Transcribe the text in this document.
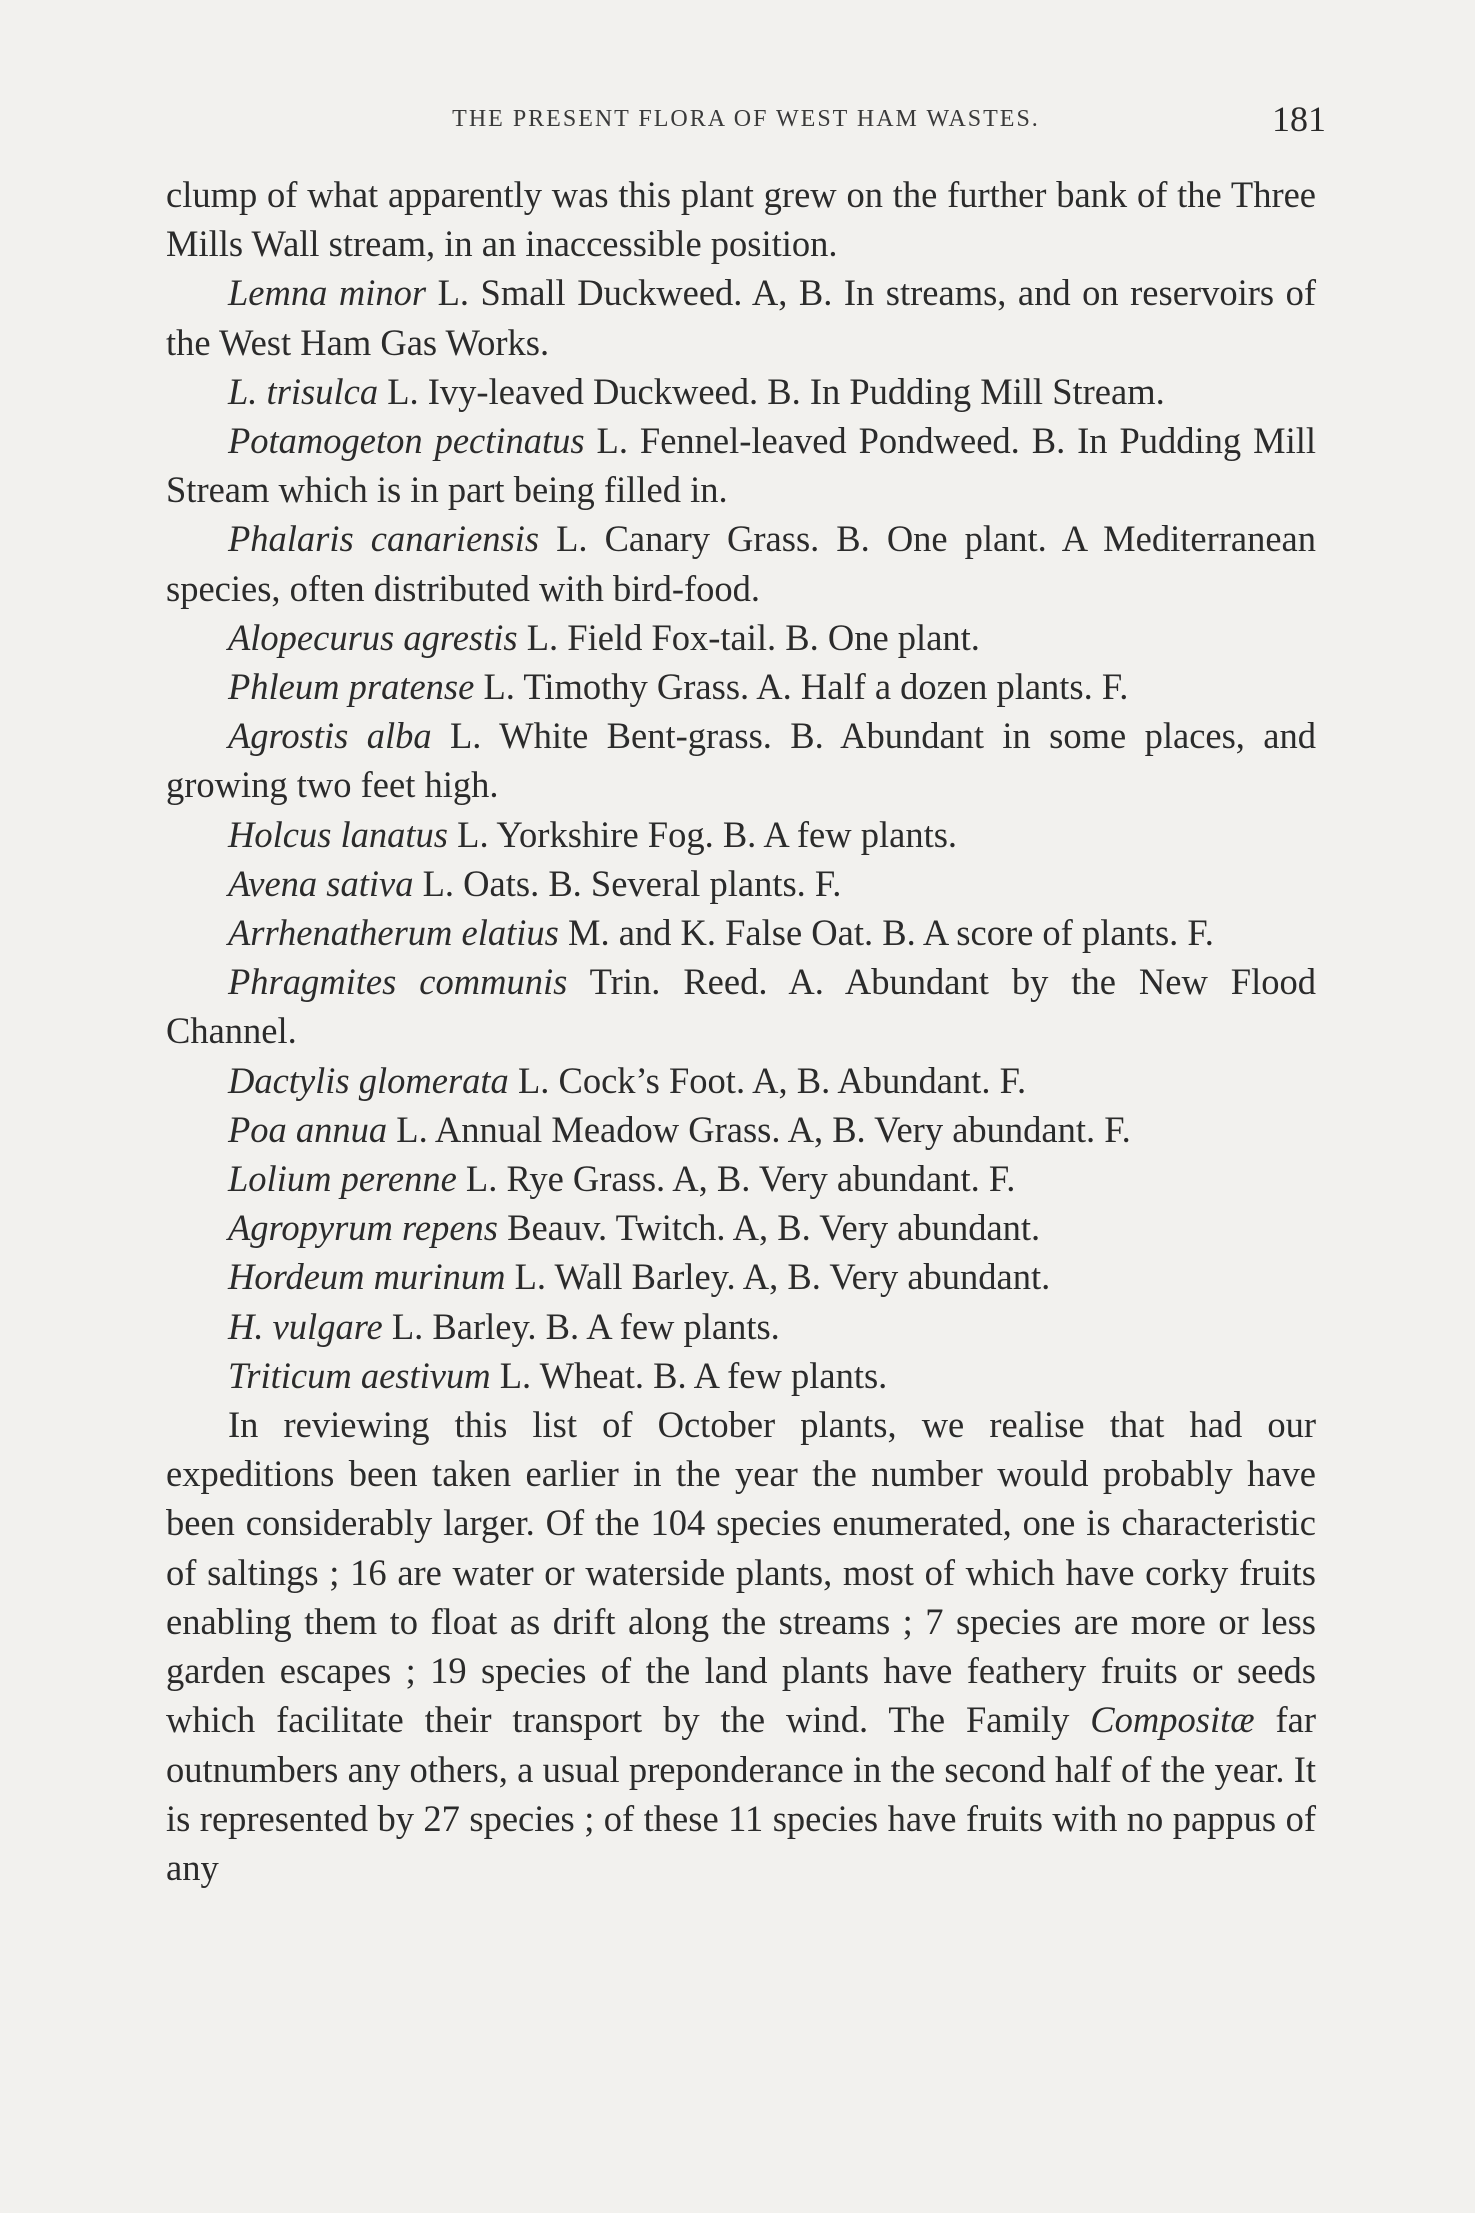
THE PRESENT FLORA OF WEST HAM WASTES.	181

clump of what apparently was this plant grew on the further bank of the Three Mills Wall stream, in an inaccessible position.

Lemna minor L. Small Duckweed. A, B. In streams, and on reservoirs of the West Ham Gas Works.

L. trisulca L. Ivy-leaved Duckweed. B. In Pudding Mill Stream.

Potamogeton pectinatus L. Fennel-leaved Pondweed. B. In Pudding Mill Stream which is in part being filled in.

Phalaris canariensis L. Canary Grass. B. One plant. A Mediterranean species, often distributed with bird-food.

Alopecurus agrestis L. Field Fox-tail. B. One plant.

Phleum pratense L. Timothy Grass. A. Half a dozen plants. F.

Agrostis alba L. White Bent-grass. B. Abundant in some places, and growing two feet high.

Holcus lanatus L. Yorkshire Fog. B. A few plants.

Avena sativa L. Oats. B. Several plants. F.

Arrhenatherum elatius M. and K. False Oat. B. A score of plants. F.

Phragmites communis Trin. Reed. A. Abundant by the New Flood Channel.

Dactylis glomerata L. Cock’s Foot. A, B. Abundant. F.

Poa annua L. Annual Meadow Grass. A, B. Very abundant. F.

Lolium perenne L. Rye Grass. A, B. Very abundant. F.

Agropyrum repens Beauv. Twitch. A, B. Very abundant.

Hordeum murinum L. Wall Barley. A, B. Very abundant.

H. vulgare L. Barley. B. A few plants.

Triticum aestivum L. Wheat. B. A few plants.

In reviewing this list of October plants, we realise that had our expeditions been taken earlier in the year the number would probably have been considerably larger. Of the 104 species enumerated, one is characteristic of saltings ; 16 are water or waterside plants, most of which have corky fruits enabling them to float as drift along the streams ; 7 species are more or less garden escapes ; 19 species of the land plants have feathery fruits or seeds which facilitate their transport by the wind. The Family Compositæ far outnumbers any others, a usual preponderance in the second half of the year. It is represented by 27 species ; of these 11 species have fruits with no pappus of any
